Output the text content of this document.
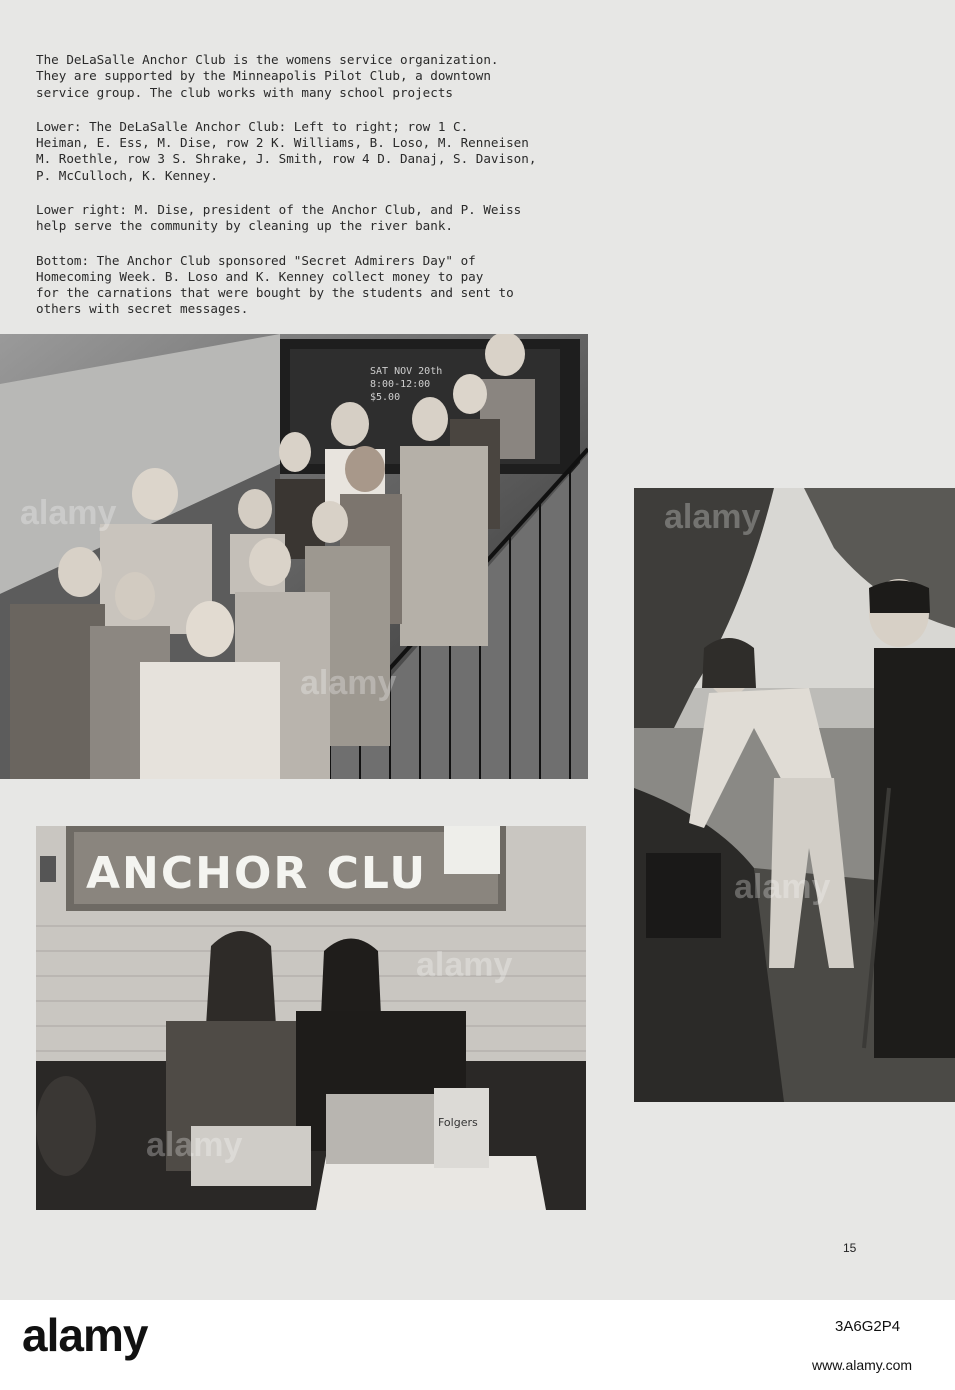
The DeLaSalle Anchor Club is the womens service organization.
They are supported by the Minneapolis Pilot Club, a downtown
service group. The club works with many school projects

Lower: The DeLaSalle Anchor Club: Left to right; row 1 C.
Heiman, E. Ess, M. Dise, row 2 K. Williams, B. Loso, M. Renneisen
M. Roethle, row 3 S. Shrake, J. Smith, row 4 D. Danaj, S. Davison,
P. McCulloch, K. Kenney.

Lower right: M. Dise, president of the Anchor Club, and P. Weiss
help serve the community by cleaning up the river bank.

Bottom: The Anchor Club sponsored "Secret Admirers Day" of
Homecoming Week. B. Loso and K. Kenney collect money to pay
for the carnations that were bought by the students and sent to
others with secret messages.

SAT NOV 20th 8:00-12:00 $5.00
alamy
alamy
ANCHOR CLU
Folgers
alamy
alamy
alamy
alamy
15
alamy	3A6G2P4
www.alamy.com
